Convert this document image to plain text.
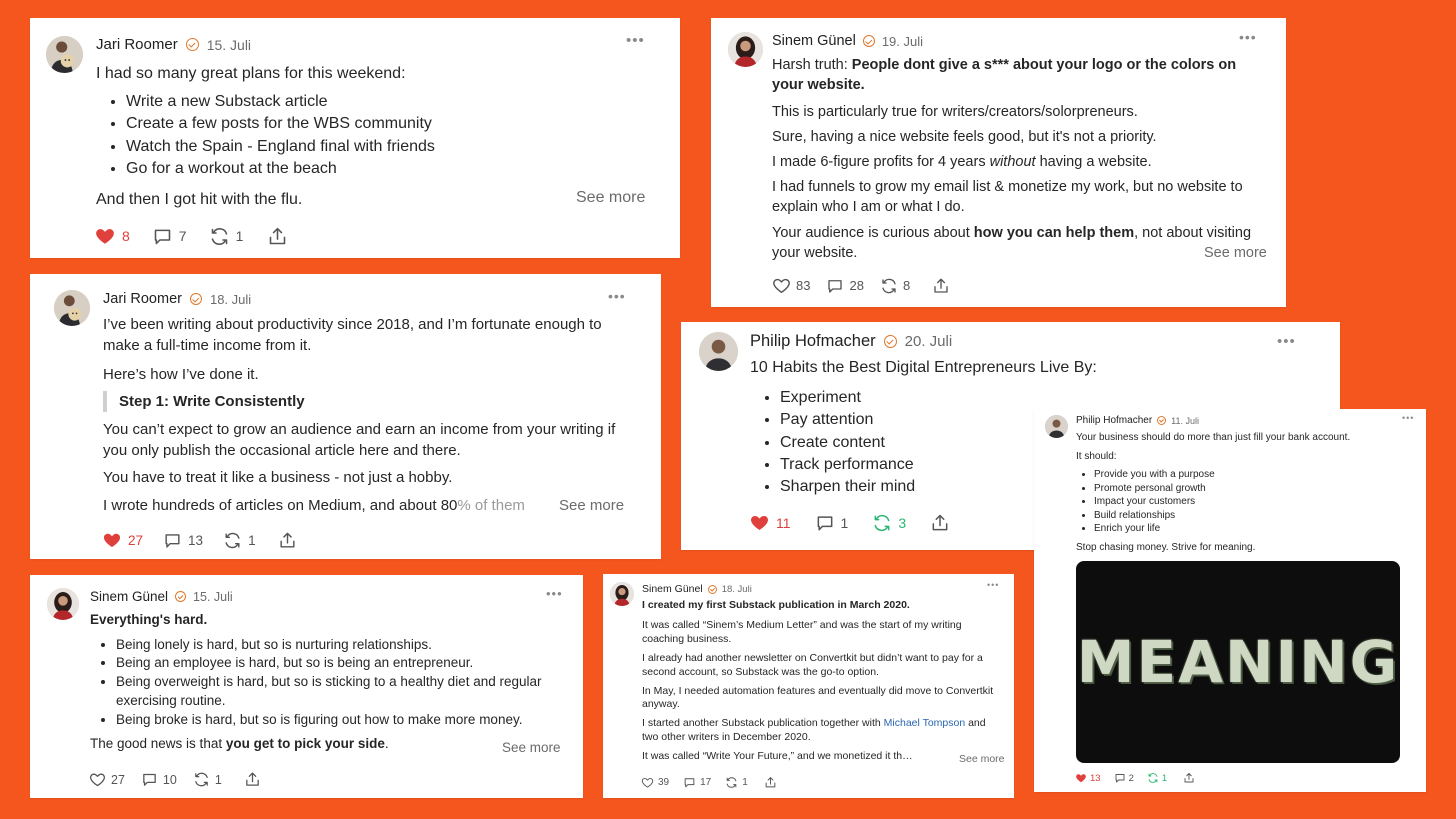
Jari Roomer 15. Juli	•••

I had so many great plans for this weekend:

• Write a new Substack article
• Create a few posts for the WBS community
• Watch the Spain - England final with friends
• Go for a workout at the beach

And then I got hit with the flu.	See more
8	7	1
Sinem Günel 19. Juli	•••

Harsh truth: People dont give a s*** about your logo or the colors on your website.

This is particularly true for writers/creators/solorpreneurs.

Sure, having a nice website feels good, but it's not a priority.

I made 6-figure profits for 4 years without having a website.

I had funnels to grow my email list & monetize my work, but no website to explain who I am or what I do.

Your audience is curious about how you can help them, not about visiting your website.	See more
83	28	8
Jari Roomer 18. Juli	•••

I’ve been writing about productivity since 2018, and I’m fortunate enough to make a full-time income from it.

Here’s how I’ve done it.

Step 1: Write Consistently

You can’t expect to grow an audience and earn an income from your writing if you only publish the occasional article here and there.

You have to treat it like a business - not just a hobby.

I wrote hundreds of articles on Medium, and about 80% of them	See more
27	13	1
Philip Hofmacher 20. Juli	•••

10 Habits the Best Digital Entrepreneurs Live By:

• Experiment
• Pay attention
• Create content
• Track performance
• Sharpen their mind
11	1	3
Philip Hofmacher 11. Juli	•••

Your business should do more than just fill your bank account.

It should:

• Provide you with a purpose
• Promote personal growth
• Impact your customers
• Build relationships
• Enrich your life

Stop chasing money. Strive for meaning.

MEANING
13	2	1
Sinem Günel 15. Juli	•••

Everything's hard.

• Being lonely is hard, but so is nurturing relationships.
• Being an employee is hard, but so is being an entrepreneur.
• Being overweight is hard, but so is sticking to a healthy diet and regular exercising routine.
• Being broke is hard, but so is figuring out how to make more money.

The good news is that you get to pick your side.	See more
27	10	1
Sinem Günel 18. Juli	•••

I created my first Substack publication in March 2020.

It was called “Sinem’s Medium Letter” and was the start of my writing coaching business.

I already had another newsletter on Convertkit but didn’t want to pay for a second account, so Substack was the go-to option.

In May, I needed automation features and eventually did move to Convertkit anyway.

I started another Substack publication together with Michael Tompson and two other writers in December 2020.

It was called “Write Your Future,” and we monetized it th…	See more
39	17	1
